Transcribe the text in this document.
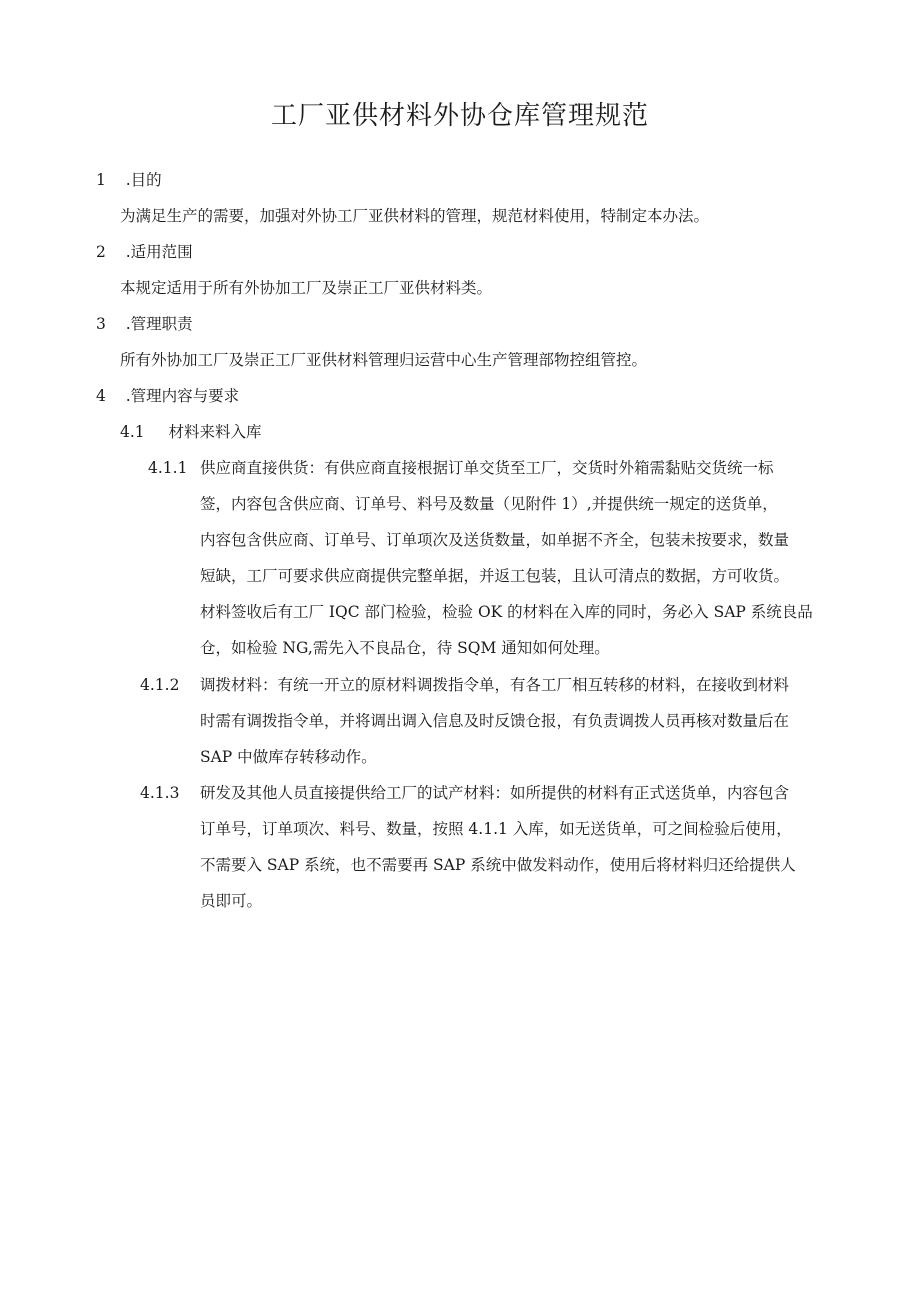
工厂亚供材料外协仓库管理规范
1 .目的
为满足生产的需要，加强对外协工厂亚供材料的管理，规范材料使用，特制定本办法。
2 .适用范围
本规定适用于所有外协加工厂及崇正工厂亚供材料类。
3 .管理职责
所有外协加工厂及崇正工厂亚供材料管理归运营中心生产管理部物控组管控。
4 .管理内容与要求
4.1 材料来料入库
4.1.1 供应商直接供货：有供应商直接根据订单交货至工厂，交货时外箱需黏贴交货统一标
签，内容包含供应商、订单号、料号及数量（见附件 1）,并提供统一规定的送货单，
内容包含供应商、订单号、订单项次及送货数量，如单据不齐全，包装未按要求，数量
短缺，工厂可要求供应商提供完整单据，并返工包装，且认可清点的数据，方可收货。
材料签收后有工厂 IQC 部门检验，检验 OK 的材料在入库的同时，务必入 SAP 系统良品
仓，如检验 NG,需先入不良品仓，待 SQM 通知如何处理。
4.1.2 调拨材料：有统一开立的原材料调拨指令单，有各工厂相互转移的材料，在接收到材料
时需有调拨指令单，并将调出调入信息及时反馈仓报，有负责调拨人员再核对数量后在
SAP 中做库存转移动作。
4.1.3 研发及其他人员直接提供给工厂的试产材料：如所提供的材料有正式送货单，内容包含
订单号，订单项次、料号、数量，按照 4.1.1 入库，如无送货单，可之间检验后使用，
不需要入 SAP 系统，也不需要再 SAP 系统中做发料动作，使用后将材料归还给提供人
员即可。
